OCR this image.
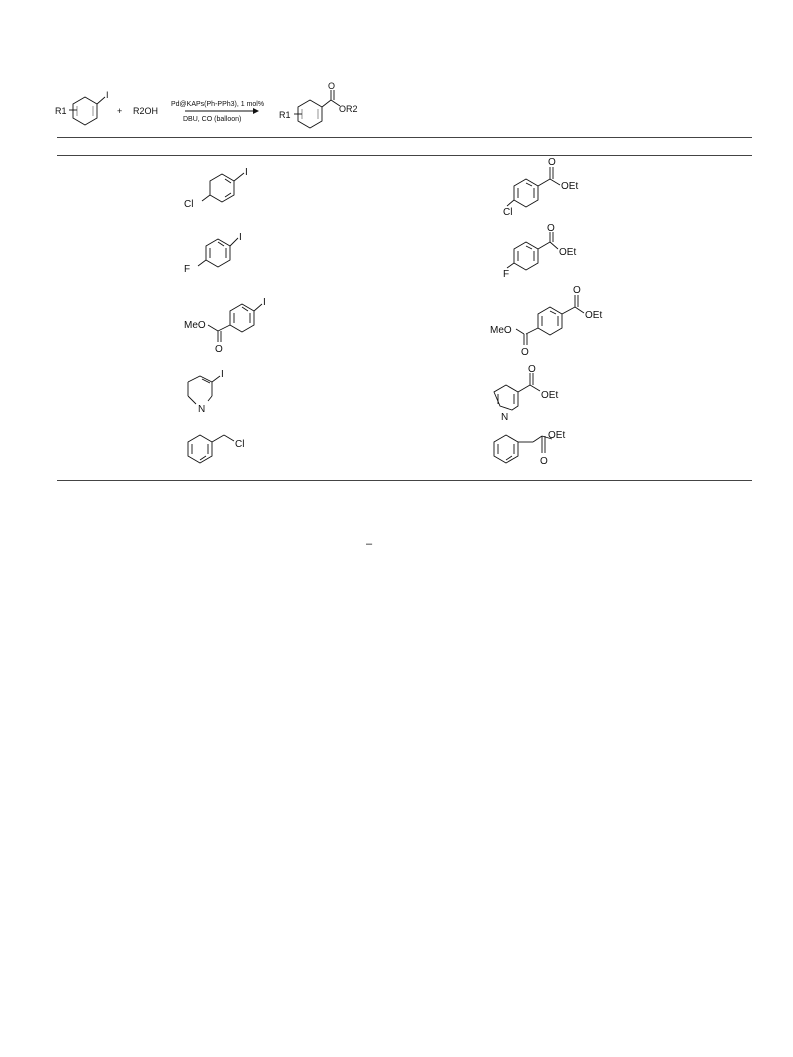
R1
I
+ R2OH
Pd@KAPs(Ph-PPh3), 1 mol%
DBU, CO (balloon)	R1
O
OR2
I
Cl
O
OEt
Cl
I
F
O
OEt
F
I
MeO
O
O
OEt
MeO
O
I
N
O
OEt
N
Cl
OEt
O
–
